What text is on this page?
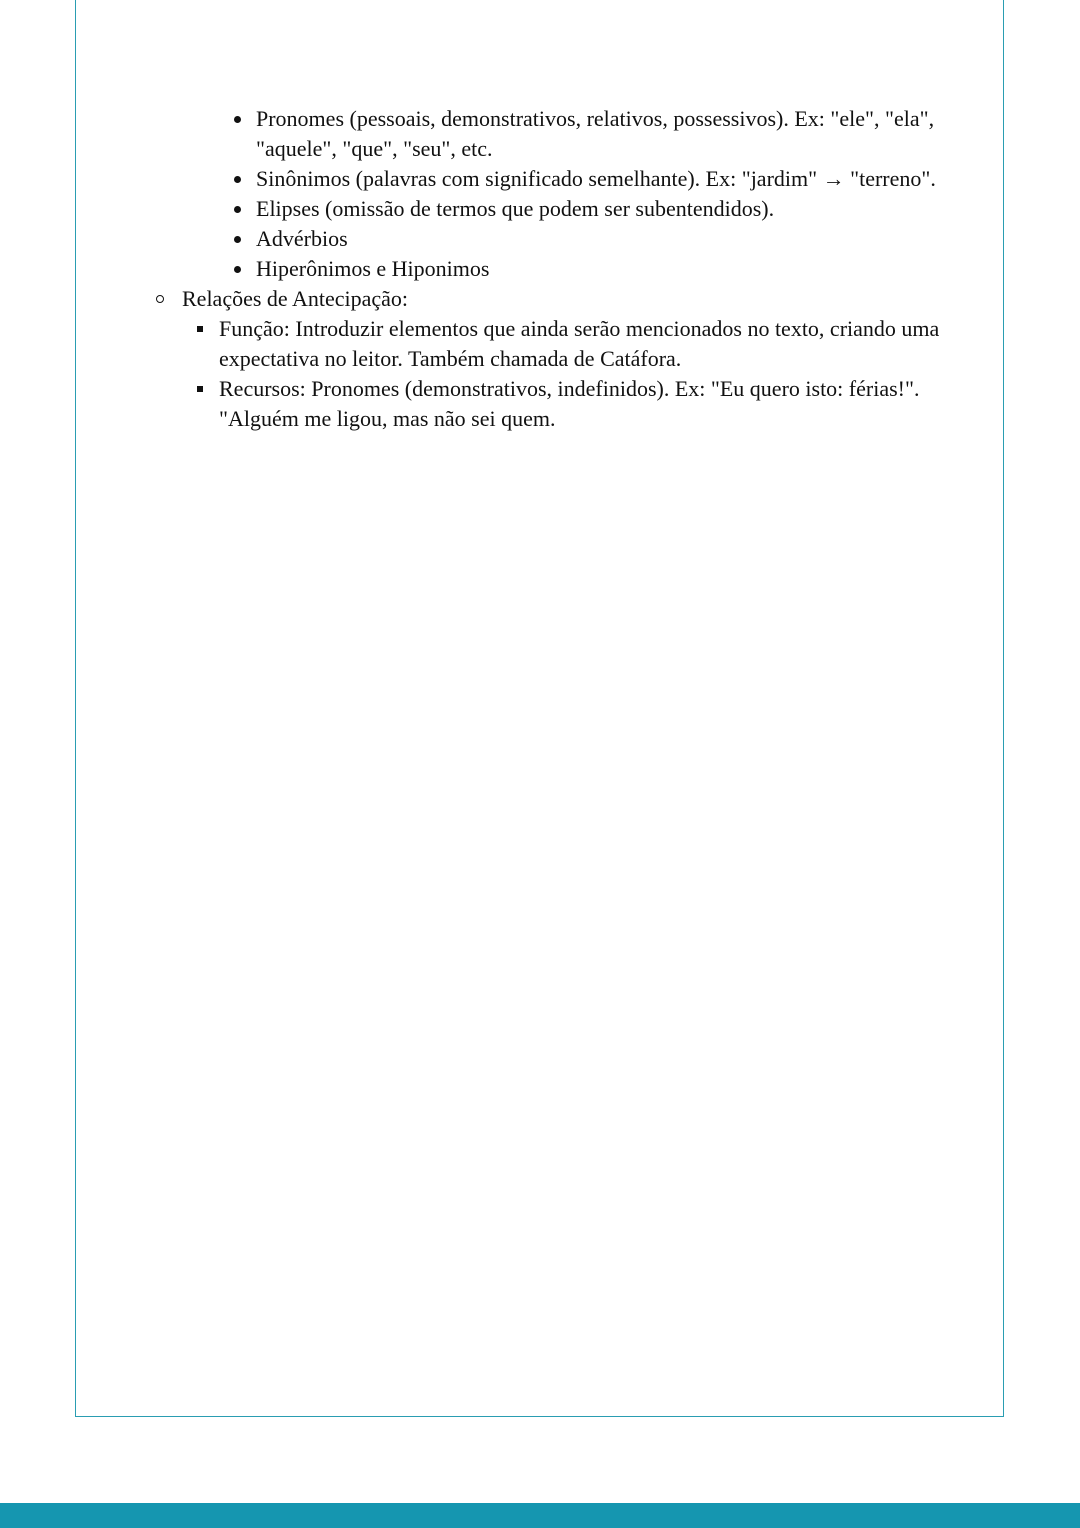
Pronomes (pessoais, demonstrativos, relativos, possessivos). Ex: "ele", "ela", "aquele", "que", "seu", etc.
Sinônimos (palavras com significado semelhante). Ex: "jardim" → "terreno".
Elipses (omissão de termos que podem ser subentendidos).
Advérbios
Hiperônimos e Hiponimos
Relações de Antecipação:
Função: Introduzir elementos que ainda serão mencionados no texto, criando uma expectativa no leitor. Também chamada de Catáfora.
Recursos: Pronomes (demonstrativos, indefinidos). Ex: "Eu quero isto: férias!". "Alguém me ligou, mas não sei quem.
